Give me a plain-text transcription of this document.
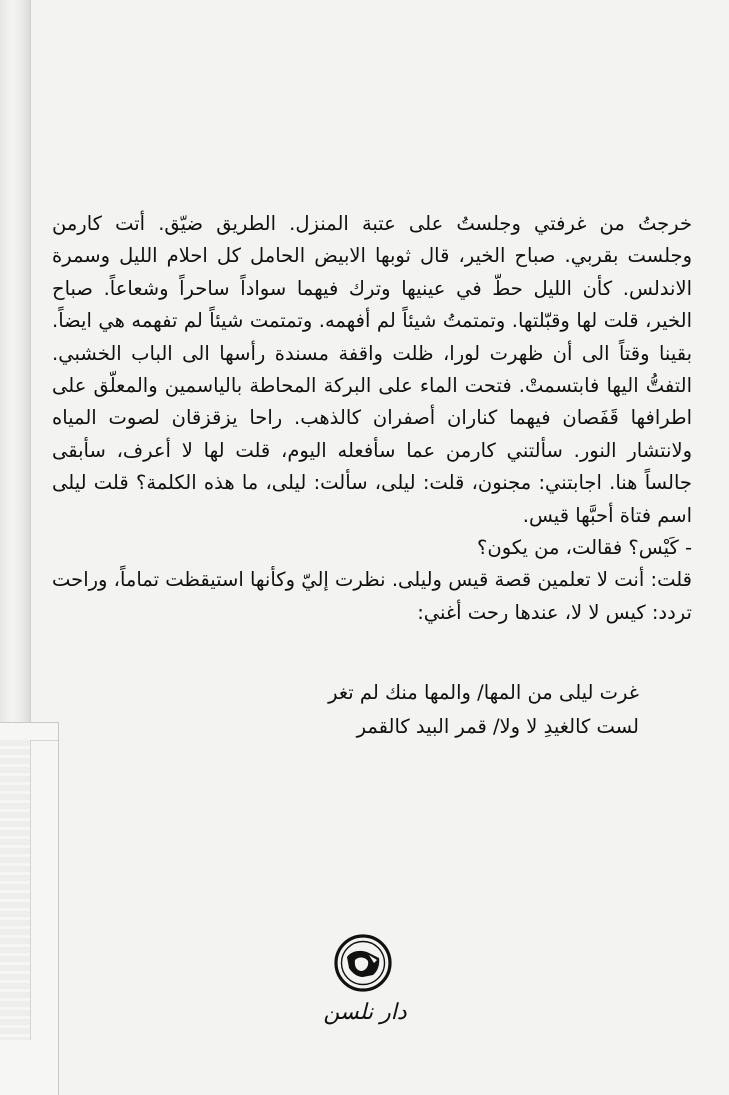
خرجتُ من غرفتي وجلستُ على عتبة المنزل. الطريق ضيّق. أتت كارمن وجلست بقربي. صباح الخير، قال ثوبها الابيض الحامل كل احلام الليل وسمرة الاندلس. كأن الليل حطّ في عينيها وترك فيهما سواداً ساحراً وشعاعاً. صباح الخير، قلت لها وقبّلتها. وتمتمتُ شيئاً لم أفهمه. وتمتمت شيئاً لم تفهمه هي ايضاً. بقينا وقتاً الى أن ظهرت لورا، ظلت واقفة مسندة رأسها الى الباب الخشبي. التفتُّ اليها فابتسمتْ. فتحت الماء على البركة المحاطة بالياسمين والمعلّق على اطرافها قَفَصان فيهما كناران أصفران كالذهب. راحا يزقزقان لصوت المياه ولانتشار النور. سألتني كارمن عما سأفعله اليوم، قلت لها لا أعرف، سأبقى جالساً هنا. اجابتني: مجنون، قلت: ليلى، سألت: ليلى، ما هذه الكلمة؟ قلت ليلى اسم فتاة أحبَّها قيس.

- كَيْس؟ فقالت، من يكون؟

قلت: أنت لا تعلمين قصة قيس وليلى. نظرت إليّ وكأنها استيقظت تماماً، وراحت تردد: كيس لا لا، عندها رحت أغني:

غرت ليلى من المها/ والمها منك لم تغر
لست كالغيدِ لا ولا/ قمر البيد كالقمر
دار نلسن
